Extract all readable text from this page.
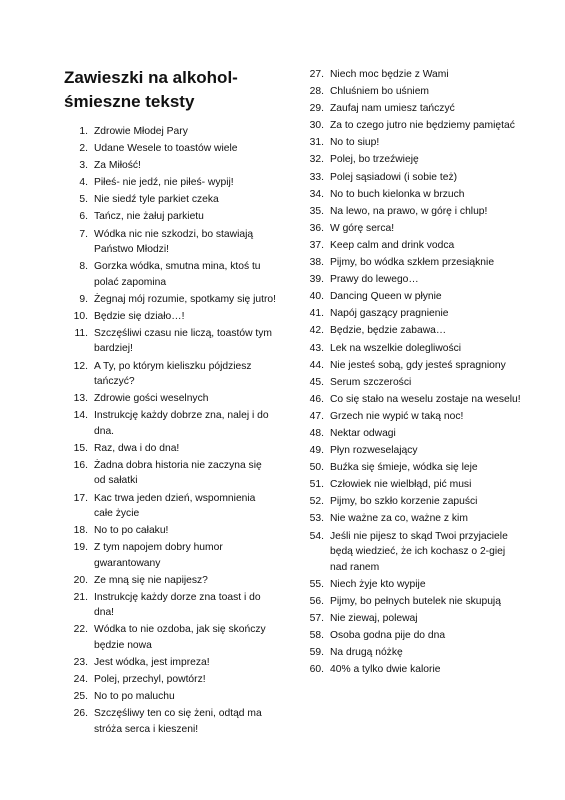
Zawieszki na alkohol-
śmieszne teksty
1. Zdrowie Młodej Pary
2. Udane Wesele to toastów wiele
3. Za Miłość!
4. Piłeś- nie jedź, nie piłeś- wypij!
5. Nie siedź tyle parkiet czeka
6. Tańcz, nie żałuj parkietu
7. Wódka nic nie szkodzi, bo stawiają Państwo Młodzi!
8. Gorzka wódka, smutna mina, ktoś tu polać zapomina
9. Żegnaj mój rozumie, spotkamy się jutro!
10. Będzie się działo…!
11. Szczęśliwi czasu nie liczą, toastów tym bardziej!
12. A Ty, po którym kieliszku pójdziesz tańczyć?
13. Zdrowie gości weselnych
14. Instrukcję każdy dobrze zna, nalej i do dna.
15. Raz, dwa i do dna!
16. Żadna dobra historia nie zaczyna się od sałatki
17. Kac trwa jeden dzień, wspomnienia całe życie
18. No to po całaku!
19. Z tym napojem dobry humor gwarantowany
20. Ze mną się nie napijesz?
21. Instrukcję każdy dorze zna toast i do dna!
22. Wódka to nie ozdoba, jak się skończy będzie nowa
23. Jest wódka, jest impreza!
24. Polej, przechyl, powtórz!
25. No to po maluchu
26. Szczęśliwy ten co się żeni, odtąd ma stróża serca i kieszeni!
27. Niech moc będzie z Wami
28. Chluśniem bo uśniem
29. Zaufaj nam umiesz tańczyć
30. Za to czego jutro nie będziemy pamiętać
31. No to siup!
32. Polej, bo trzeźwieję
33. Polej sąsiadowi (i sobie też)
34. No to buch kielonka w brzuch
35. Na lewo, na prawo, w górę i chlup!
36. W górę serca!
37. Keep calm and drink vodca
38. Pijmy, bo wódka szkłem przesiąknie
39. Prawy do lewego…
40. Dancing Queen w płynie
41. Napój gaszący pragnienie
42. Będzie, będzie zabawa…
43. Lek na wszelkie dolegliwości
44. Nie jesteś sobą, gdy jesteś spragniony
45. Serum szczerości
46. Co się stało na weselu zostaje na weselu!
47. Grzech nie wypić w taką noc!
48. Nektar odwagi
49. Płyn rozweselający
50. Buźka się śmieje, wódka się leje
51. Człowiek nie wielbłąd, pić musi
52. Pijmy, bo szkło korzenie zapuści
53. Nie ważne za co, ważne z kim
54. Jeśli nie pijesz to skąd Twoi przyjaciele będą wiedzieć, że ich kochasz o 2-giej nad ranem
55. Niech żyje kto wypije
56. Pijmy, bo pełnych butelek nie skupują
57. Nie ziewaj, polewaj
58. Osoba godna pije do dna
59. Na drugą nóżkę
60. 40% a tylko dwie kalorie
